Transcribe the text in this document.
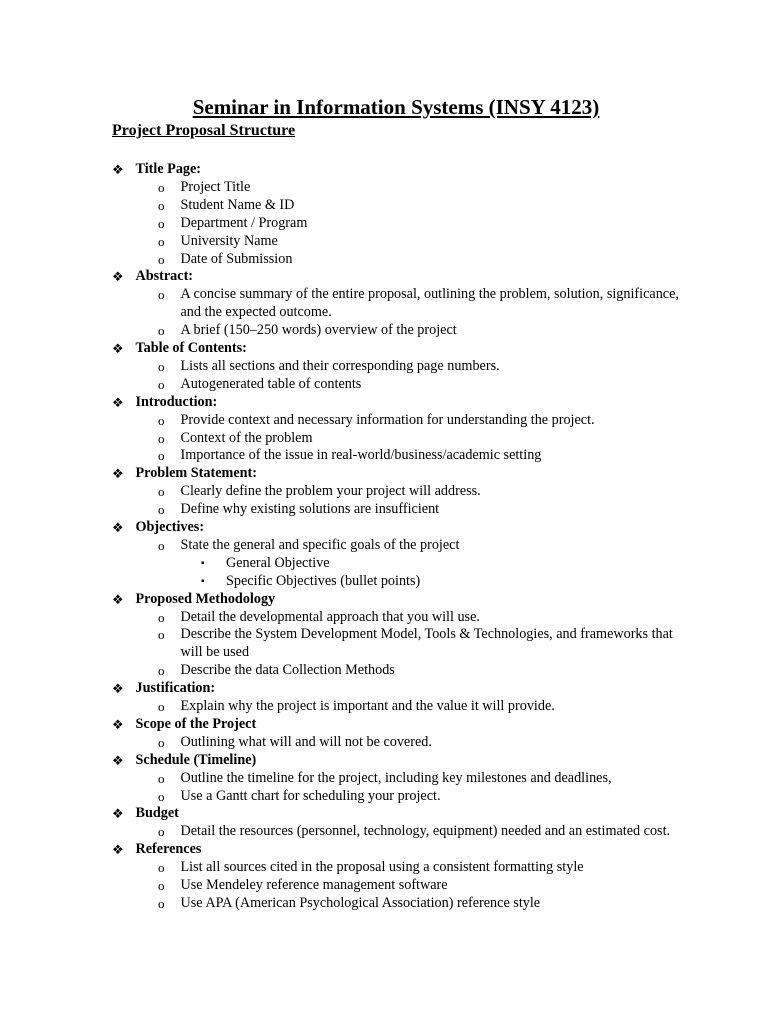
Seminar in Information Systems (INSY 4123)
Project Proposal Structure
❖ Title Page:
o Project Title
o Student Name & ID
o Department / Program
o University Name
o Date of Submission
❖ Abstract:
o A concise summary of the entire proposal, outlining the problem, solution, significance, and the expected outcome.
o A brief (150–250 words) overview of the project
❖ Table of Contents:
o Lists all sections and their corresponding page numbers.
o Autogenerated table of contents
❖ Introduction:
o Provide context and necessary information for understanding the project.
o Context of the problem
o Importance of the issue in real-world/business/academic setting
❖ Problem Statement:
o Clearly define the problem your project will address.
o Define why existing solutions are insufficient
❖ Objectives:
o State the general and specific goals of the project
▪ General Objective
▪ Specific Objectives (bullet points)
❖ Proposed Methodology
o Detail the developmental approach that you will use.
o Describe the System Development Model, Tools & Technologies, and frameworks that will be used
o Describe the data Collection Methods
❖ Justification:
o Explain why the project is important and the value it will provide.
❖ Scope of the Project
o Outlining what will and will not be covered.
❖ Schedule (Timeline)
o Outline the timeline for the project, including key milestones and deadlines,
o Use a Gantt chart for scheduling your project.
❖ Budget
o Detail the resources (personnel, technology, equipment) needed and an estimated cost.
❖ References
o List all sources cited in the proposal using a consistent formatting style
o Use Mendeley reference management software
o Use APA (American Psychological Association) reference style
